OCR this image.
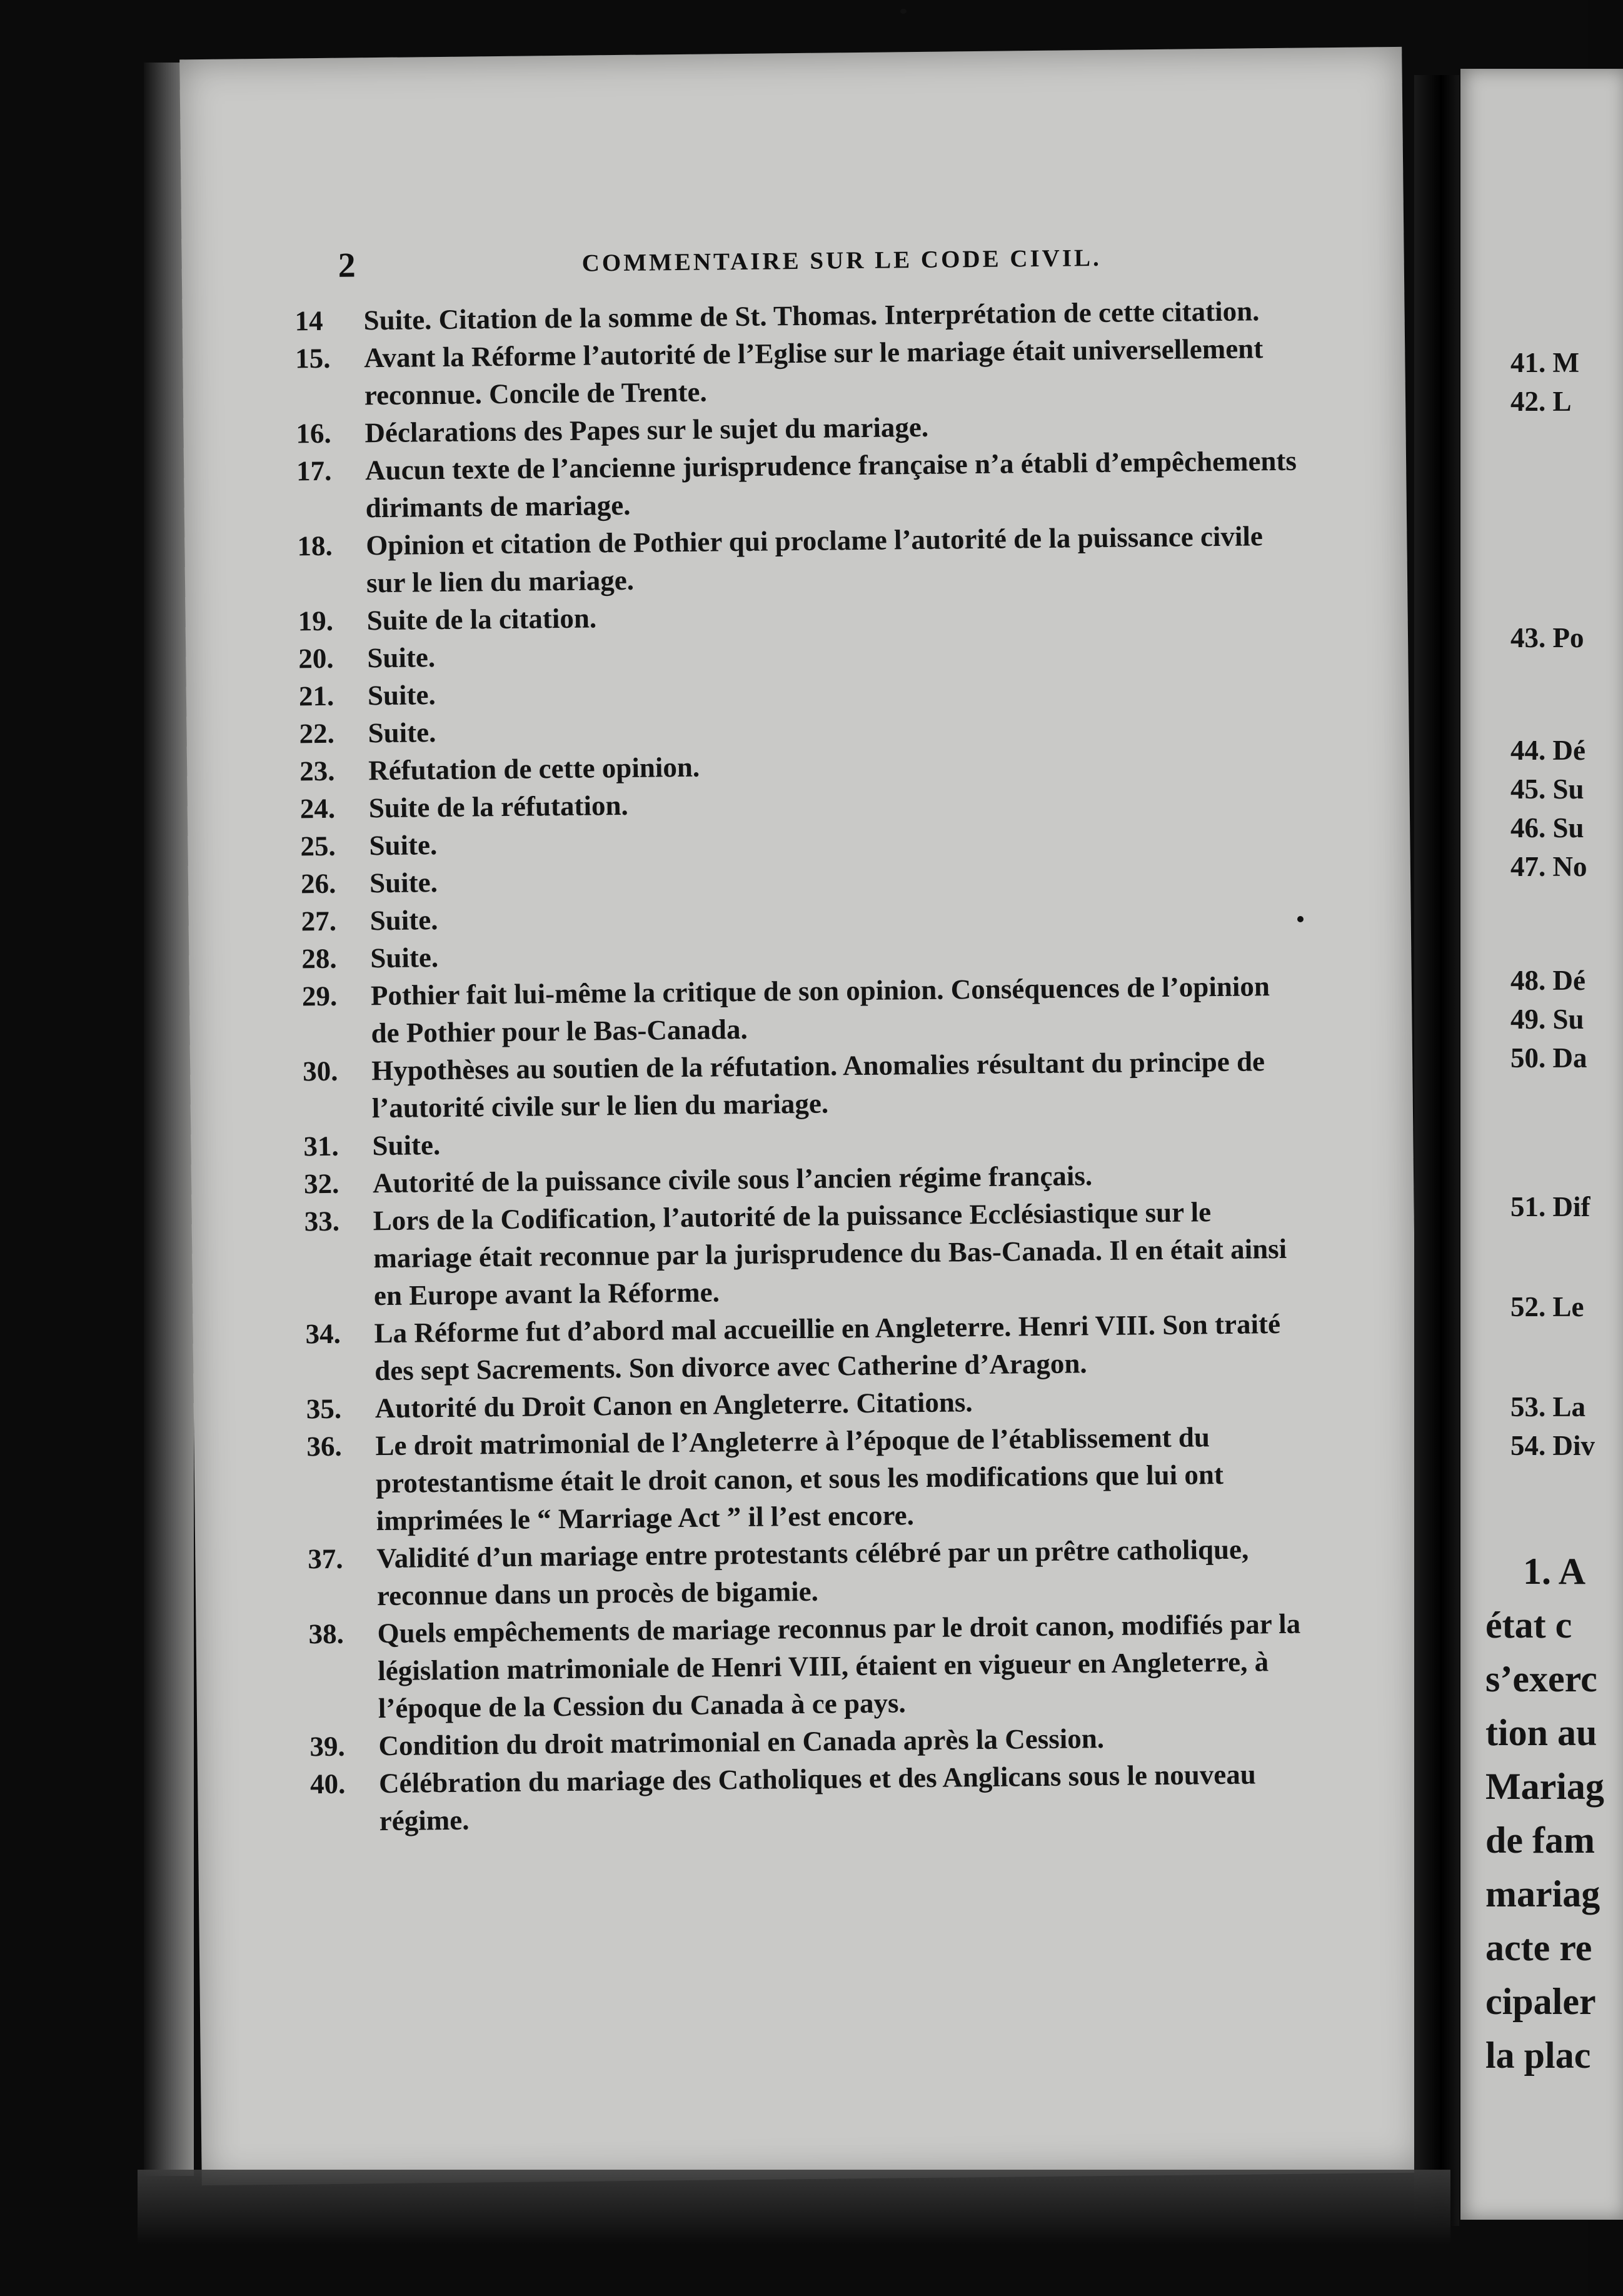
2	COMMENTAIRE SUR LE CODE CIVIL.
14	Suite. Citation de la somme de St. Thomas. Interprétation de cette citation.
15.	Avant la Réforme l’autorité de l’Eglise sur le mariage était universellement reconnue. Concile de Trente.
16.	Déclarations des Papes sur le sujet du mariage.
17.	Aucun texte de l’ancienne jurisprudence française n’a établi d’empêchements dirimants de mariage.
18.	Opinion et citation de Pothier qui proclame l’autorité de la puissance civile sur le lien du mariage.
19.	Suite de la citation.
20.	Suite.
21.	Suite.
22.	Suite.
23.	Réfutation de cette opinion.
24.	Suite de la réfutation.
25.	Suite.
26.	Suite.
27.	Suite.
28.	Suite.
29.	Pothier fait lui-même la critique de son opinion. Conséquences de l’opinion de Pothier pour le Bas-Canada.
30.	Hypothèses au soutien de la réfutation. Anomalies résultant du principe de l’autorité civile sur le lien du mariage.
31.	Suite.
32.	Autorité de la puissance civile sous l’ancien régime français.
33.	Lors de la Codification, l’autorité de la puissance Ecclésiastique sur le mariage était reconnue par la jurisprudence du Bas-Canada. Il en était ainsi en Europe avant la Réforme.
34.	La Réforme fut d’abord mal accueillie en Angleterre. Henri VIII. Son traité des sept Sacrements. Son divorce avec Catherine d’Aragon.
35.	Autorité du Droit Canon en Angleterre. Citations.
36.	Le droit matrimonial de l’Angleterre à l’époque de l’établissement du protestantisme était le droit canon, et sous les modifications que lui ont imprimées le “ Marriage Act ” il l’est encore.
37.	Validité d’un mariage entre protestants célébré par un prêtre catholique, reconnue dans un procès de bigamie.
38.	Quels empêchements de mariage reconnus par le droit canon, modifiés par la législation matrimoniale de Henri VIII, étaient en vigueur en Angleterre, à l’époque de la Cession du Canada à ce pays.
39.	Condition du droit matrimonial en Canada après la Cession.
40.	Célébration du mariage des Catholiques et des Anglicans sous le nouveau régime.
41. M
42. L
43. Po
44. Dé
45. Su
46. Su
47. No
48. Dé
49. Su
50. Da
51. Dif
52. Le
53. La
54. Div
1. A
état c
s’exerc
tion au
Mariag
de fam
mariag
acte re
cipaler
la plac
